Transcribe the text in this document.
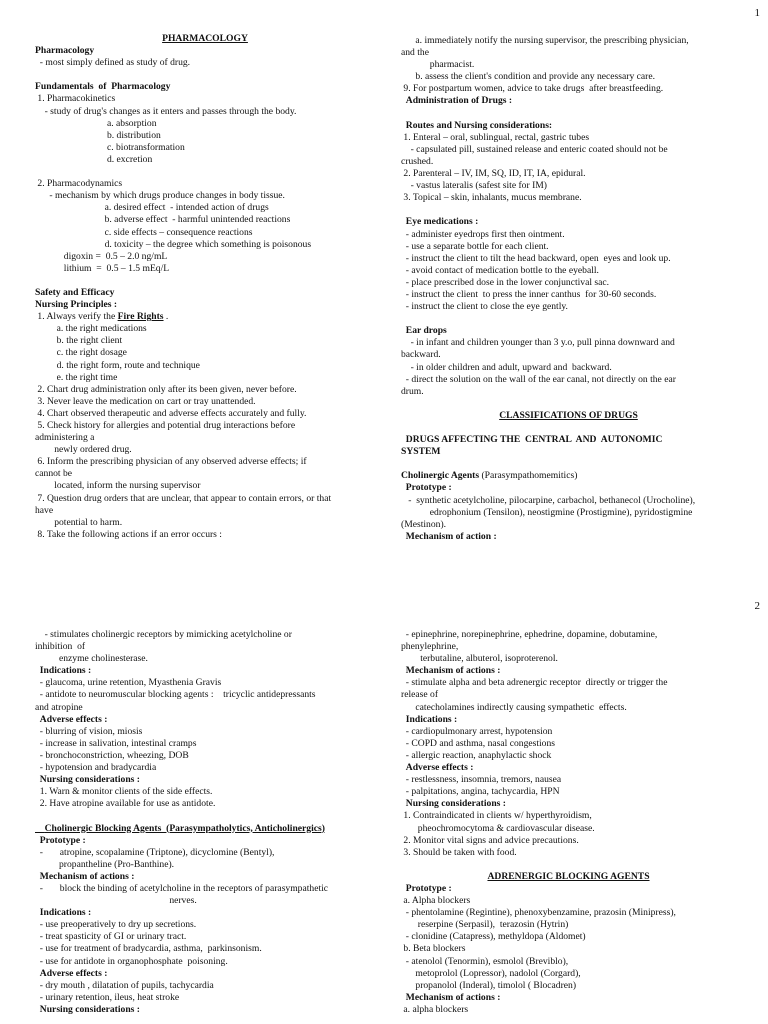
1
PHARMACOLOGY
Pharmacology
- most simply defined as study of drug.
Fundamentals  of  Pharmacology
1. Pharmacokinetics
- study of drug's changes as it enters and passes through the body.
a. absorption
b. distribution
c. biotransformation
d. excretion
2. Pharmacodynamics
- mechanism by which drugs produce changes in body tissue.
a. desired effect  - intended action of drugs
b. adverse effect  - harmful unintended reactions
c. side effects – consequence reactions
d. toxicity – the degree which something is poisonous
digoxin =  0.5 – 2.0 ng/mL
lithium  =  0.5 – 1.5 mEq/L
Safety and Efficacy
Nursing Principles :
1. Always verify the Fire Rights .
a. the right medications
b. the right client
c. the right dosage
d. the right form, route and technique
e. the right time
2. Chart drug administration only after its been given, never before.
3. Never leave the medication on cart or tray unattended.
4. Chart observed therapeutic and adverse effects accurately and fully.
5. Check history for allergies and potential drug interactions before
administering a
newly ordered drug.
6. Inform the prescribing physician of any observed adverse effects; if
cannot be
located, inform the nursing supervisor
7. Question drug orders that are unclear, that appear to contain errors, or that
have
potential to harm.
8. Take the following actions if an error occurs :
a. immediately notify the nursing supervisor, the prescribing physician,
and the
pharmacist.
b. assess the client's condition and provide any necessary care.
9. For postpartum women, advice to take drugs  after breastfeeding.
Administration of Drugs :
Routes and Nursing considerations:
1. Enteral – oral, sublingual, rectal, gastric tubes
- capsulated pill, sustained release and enteric coated should not be
crushed.
2. Parenteral – IV, IM, SQ, ID, IT, IA, epidural.
- vastus lateralis (safest site for IM)
3. Topical – skin, inhalants, mucus membrane.
Eye medications :
- administer eyedrops first then ointment.
- use a separate bottle for each client.
- instruct the client to tilt the head backward, open  eyes and look up.
- avoid contact of medication bottle to the eyeball.
- place prescribed dose in the lower conjunctival sac.
- instruct the client  to press the inner canthus  for 30-60 seconds.
- instruct the client to close the eye gently.
Ear drops
- in infant and children younger than 3 y.o, pull pinna downward and
backward.
- in older children and adult, upward and  backward.
- direct the solution on the wall of the ear canal, not directly on the ear
drum.
CLASSIFICATIONS OF DRUGS
DRUGS AFFECTING THE  CENTRAL  AND  AUTONOMIC
SYSTEM
Cholinergic Agents (Parasympathomemitics)
Prototype :
-  synthetic acetylcholine, pilocarpine, carbachol, bethanecol (Urocholine),
edrophonium (Tensilon), neostigmine (Prostigmine), pyridostigmine
(Mestinon).
Mechanism of action :
2
- stimulates cholinergic receptors by mimicking acetylcholine or
inhibition  of
enzyme cholinesterase.
Indications :
- glaucoma, urine retention, Myasthenia Gravis
- antidote to neuromuscular blocking agents :    tricyclic antidepressants
and atropine
Adverse effects :
- blurring of vision, miosis
- increase in salivation, intestinal cramps
- bronchoconstriction, wheezing, DOB
- hypotension and bradycardia
Nursing considerations :
1. Warn & monitor clients of the side effects.
2. Have atropine available for use as antidote.
Cholinergic Blocking Agents  (Parasympatholytics, Anticholinergics)
Prototype :
-       atropine, scopalamine (Triptone), dicyclomine (Bentyl),
propantheline (Pro-Banthine).
Mechanism of actions :
-       block the binding of acetylcholine in the receptors of parasympathetic
nerves.
Indications :
- use preoperatively to dry up secretions.
- treat spasticity of GI or urinary tract.
- use for treatment of bradycardia, asthma,  parkinsonism.
- use for antidote in organophosphate  poisoning.
Adverse effects :
- dry mouth , dilatation of pupils, tachycardia
- urinary retention, ileus, heat stroke
Nursing considerations :
- epinephrine, norepinephrine, ephedrine, dopamine, dobutamine,
phenylephrine,
terbutaline, albuterol, isoproterenol.
Mechanism of actions :
- stimulate alpha and beta adrenergic receptor  directly or trigger the
release of
catecholamines indirectly causing sympathetic  effects.
Indications :
- cardiopulmonary arrest, hypotension
- COPD and asthma, nasal congestions
- allergic reaction, anaphylactic shock
Adverse effects :
- restlessness, insomnia, tremors, nausea
- palpitations, angina, tachycardia, HPN
Nursing considerations :
1. Contraindicated in clients w/ hyperthyroidism,
pheochromocytoma & cardiovascular disease.
2. Monitor vital signs and advice precautions.
3. Should be taken with food.
ADRENERGIC BLOCKING AGENTS
Prototype :
a. Alpha blockers
- phentolamine (Regintine), phenoxybenzamine, prazosin (Minipress),
reserpine (Serpasil),  terazosin (Hytrin)
- clonidine (Catapress), methyldopa (Aldomet)
b. Beta blockers
- atenolol (Tenormin), esmolol (Breviblo),
metoprolol (Lopressor), nadolol (Corgard),
propanolol (Inderal), timolol ( Blocadren)
Mechanism of actions :
a. alpha blockers
